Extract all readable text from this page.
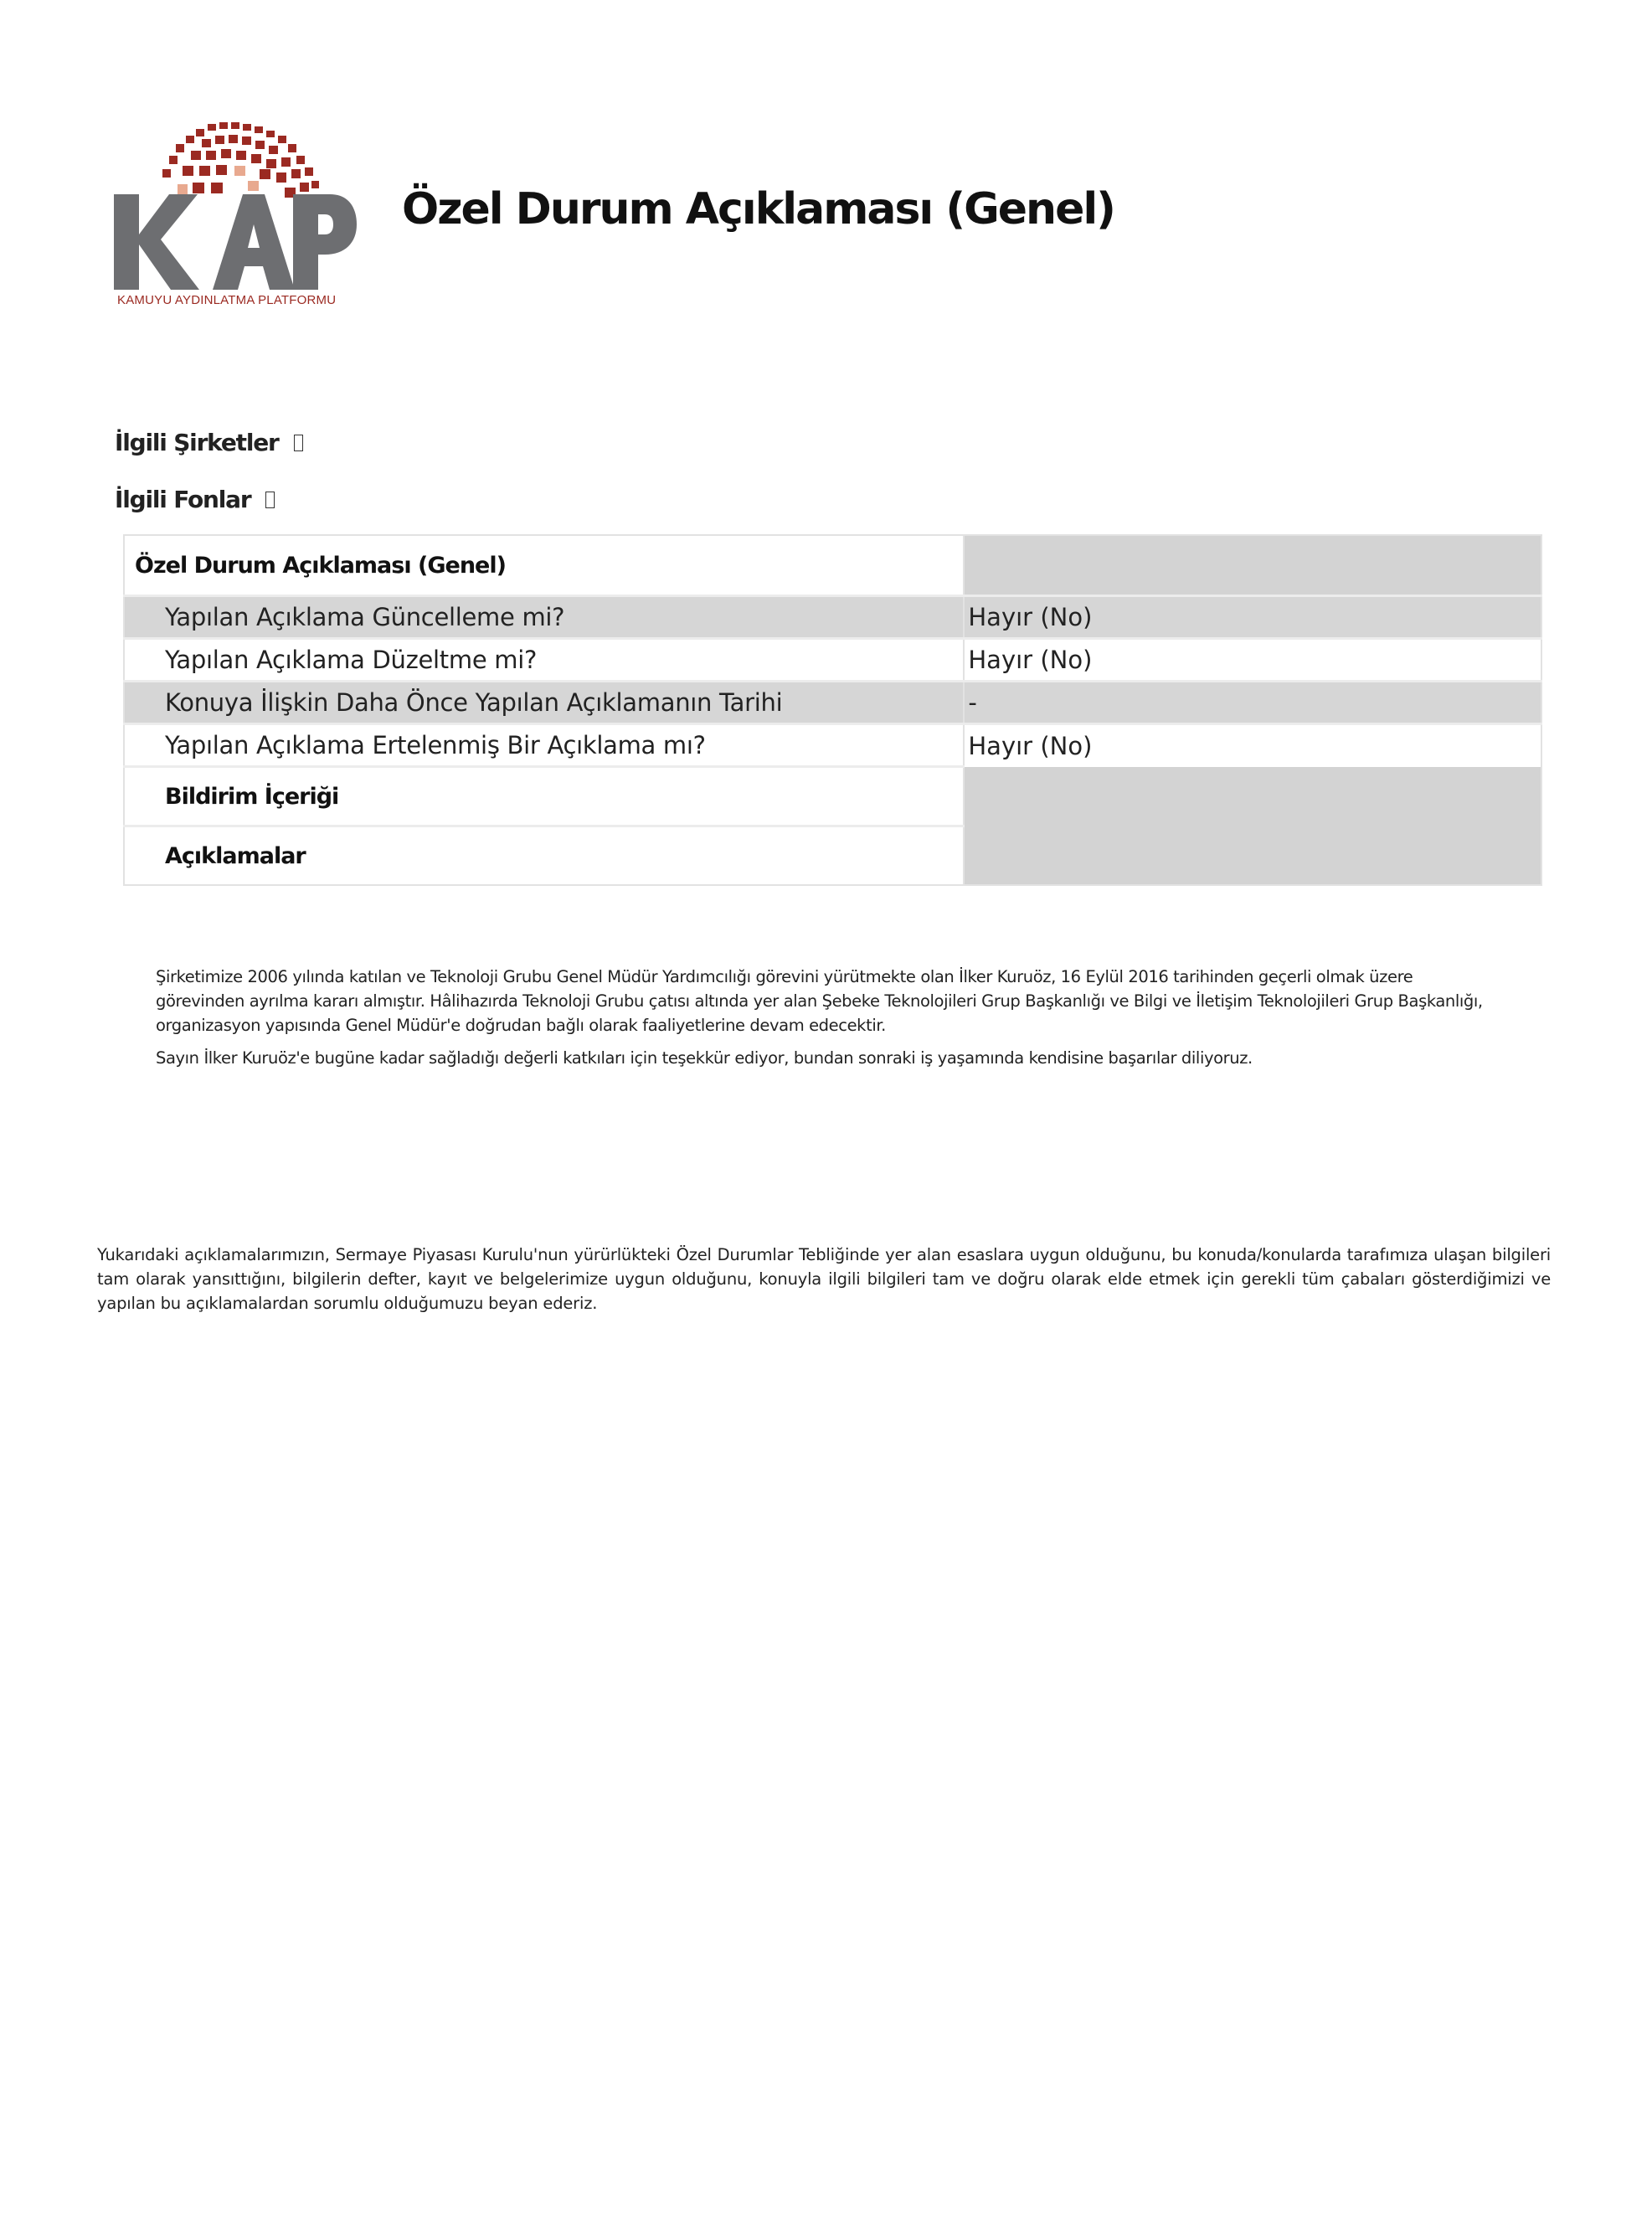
KAMUYU AYDINLATMA PLATFORMU
Özel Durum Açıklaması (Genel)
İlgili Şirketler
İlgili Fonlar
Özel Durum Açıklaması (Genel)	
Yapılan Açıklama Güncelleme mi?	Hayır (No)
Yapılan Açıklama Düzeltme mi?	Hayır (No)
Konuya İlişkin Daha Önce Yapılan Açıklamanın Tarihi	-
Yapılan Açıklama Ertelenmiş Bir Açıklama mı?	Hayır (No)
Bildirim İçeriği	
Açıklamalar	

Şirketimize 2006 yılında katılan ve Teknoloji Grubu Genel Müdür Yardımcılığı görevini yürütmekte olan İlker Kuruöz, 16 Eylül 2016 tarihinden geçerli olmak üzere görevinden ayrılma kararı almıştır. Hâlihazırda Teknoloji Grubu çatısı altında yer alan Şebeke Teknolojileri Grup Başkanlığı ve Bilgi ve İletişim Teknolojileri Grup Başkanlığı, organizasyon yapısında Genel Müdür'e doğrudan bağlı olarak faaliyetlerine devam edecektir.

Sayın İlker Kuruöz'e bugüne kadar sağladığı değerli katkıları için teşekkür ediyor, bundan sonraki iş yaşamında kendisine başarılar diliyoruz.

Yukarıdaki açıklamalarımızın, Sermaye Piyasası Kurulu'nun yürürlükteki Özel Durumlar Tebliğinde yer alan esaslara uygun olduğunu, bu konuda/konularda tarafımıza ulaşan bilgileri tam olarak yansıttığını, bilgilerin defter, kayıt ve belgelerimize uygun olduğunu, konuyla ilgili bilgileri tam ve doğru olarak elde etmek için gerekli tüm çabaları gösterdiğimizi ve yapılan bu açıklamalardan sorumlu olduğumuzu beyan ederiz.
